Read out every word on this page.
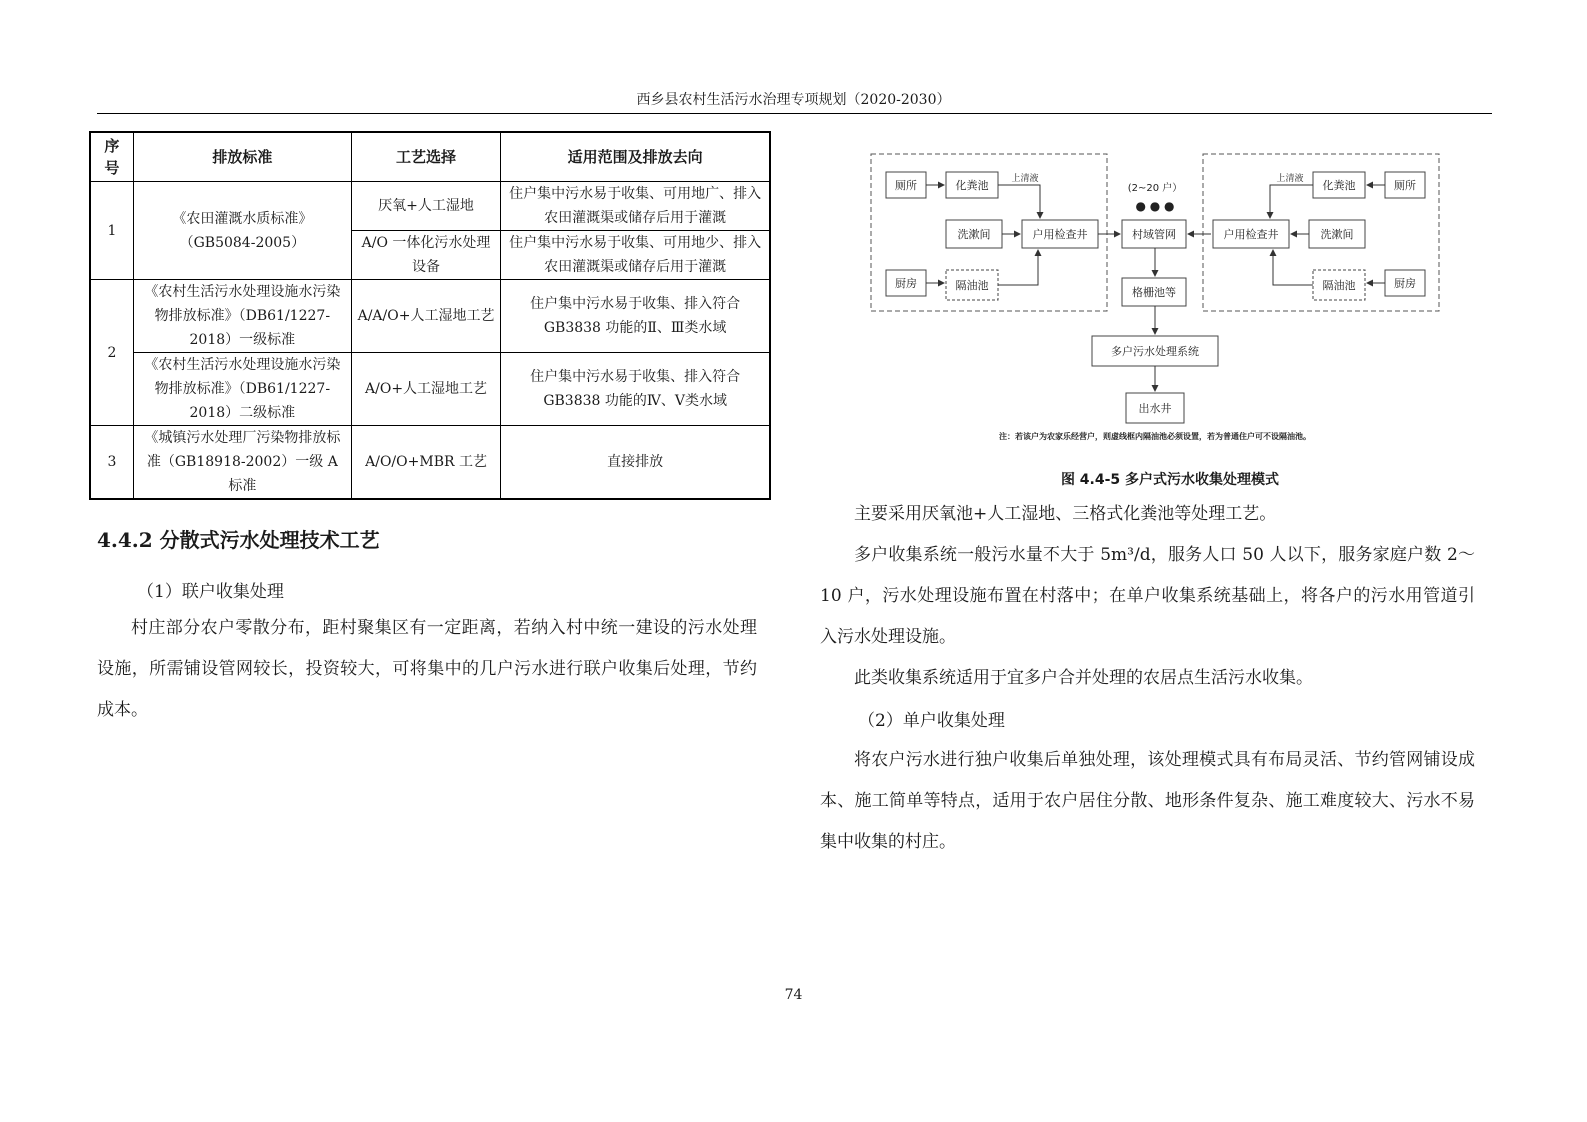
西乡县农村生活污水治理专项规划（2020-2030）
序号	排放标准	工艺选择	适用范围及排放去向
1	《农田灌溉水质标准》（GB5084-2005）	厌氧+人工湿地	住户集中污水易于收集、可用地广、排入农田灌溉渠或储存后用于灌溉
		A/O 一体化污水处理设备	住户集中污水易于收集、可用地少、排入农田灌溉渠或储存后用于灌溉
2	《农村生活污水处理设施水污染物排放标准》（DB61/1227-2018）一级标准	A/A/O+人工湿地工艺	住户集中污水易于收集、排入符合GB3838 功能的Ⅱ、Ⅲ类水域
	《农村生活污水处理设施水污染物排放标准》（DB61/1227-2018）二级标准	A/O+人工湿地工艺	住户集中污水易于收集、排入符合GB3838 功能的Ⅳ、Ⅴ类水域
3	《城镇污水处理厂污染物排放标准（GB18918-2002）一级 A 标准	A/O/O+MBR 工艺	直接排放
4.4.2 分散式污水处理技术工艺
（1）联户收集处理
村庄部分农户零散分布，距村聚集区有一定距离，若纳入村中统一建设的污水处理设施，所需铺设管网较长，投资较大，可将集中的几户污水进行联户收集后处理，节约成本。
厕所	化粪池	上清液
洗漱间	户用检查井
厨房	隔油池
(2~20 户）
● ● ●
村域管网
格栅池等
多户污水处理系统
出水井
化粪池	厕所
上清液
户用检查井	洗漱间
隔油池	厨房
注：若该户为农家乐经营户，则虚线框内隔油池必须设置，若为普通住户可不设隔油池。
图 4.4-5 多户式污水收集处理模式
主要采用厌氧池+人工湿地、三格式化粪池等处理工艺。
多户收集系统一般污水量不大于 5m³/d，服务人口 50 人以下，服务家庭户数 2～10 户，污水处理设施布置在村落中；在单户收集系统基础上，将各户的污水用管道引入污水处理设施。
此类收集系统适用于宜多户合并处理的农居点生活污水收集。
（2）单户收集处理
将农户污水进行独户收集后单独处理，该处理模式具有布局灵活、节约管网铺设成本、施工简单等特点，适用于农户居住分散、地形条件复杂、施工难度较大、污水不易集中收集的村庄。
74
